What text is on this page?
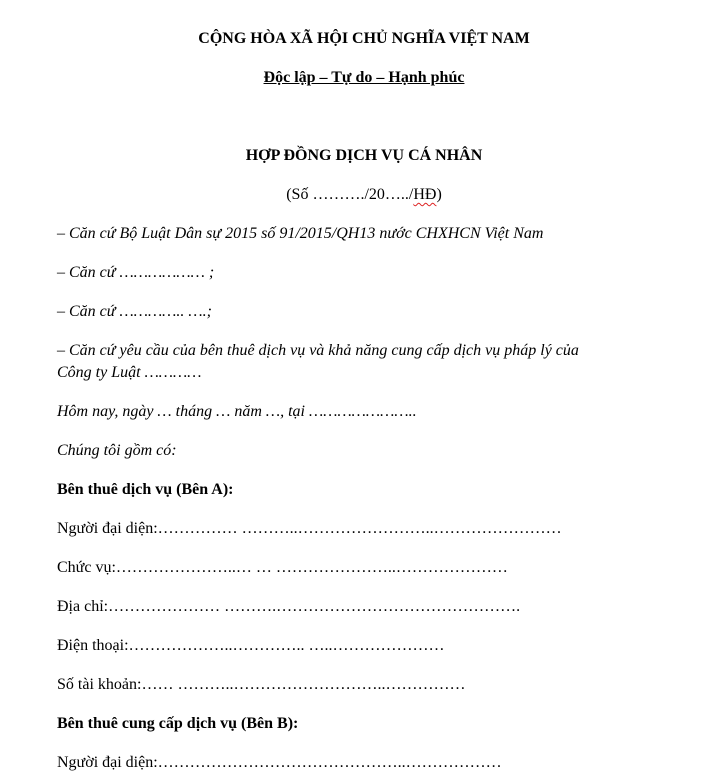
CỘNG HÒA XÃ HỘI CHỦ NGHĨA VIỆT NAM
Độc lập – Tự do – Hạnh phúc
HỢP ĐỒNG DỊCH VỤ CÁ NHÂN
(Số ………./20…../HĐ)
– Căn cứ Bộ Luật Dân sự 2015 số 91/2015/QH13 nước CHXHCN Việt Nam
– Căn cứ ……………… ;
– Căn cứ ………….. ….;
– Căn cứ yêu cầu của bên thuê dịch vụ và khả năng cung cấp dịch vụ pháp lý của
Công ty Luật …………
Hôm nay, ngày … tháng … năm …, tại …………………..
Chúng tôi gồm có:
Bên thuê dịch vụ (Bên A):
Người đại diện:…………… ………..……………………..……………………
Chức vụ:…………………..… … …………………..…………………
Địa chỉ:………………… ……….……………………………………….
Điện thoại:………………..………….. …..…………………
Số tài khoản:…… ………..………………………..……………
Bên thuê cung cấp dịch vụ (Bên B):
Người đại diện:………………………………………..………………
